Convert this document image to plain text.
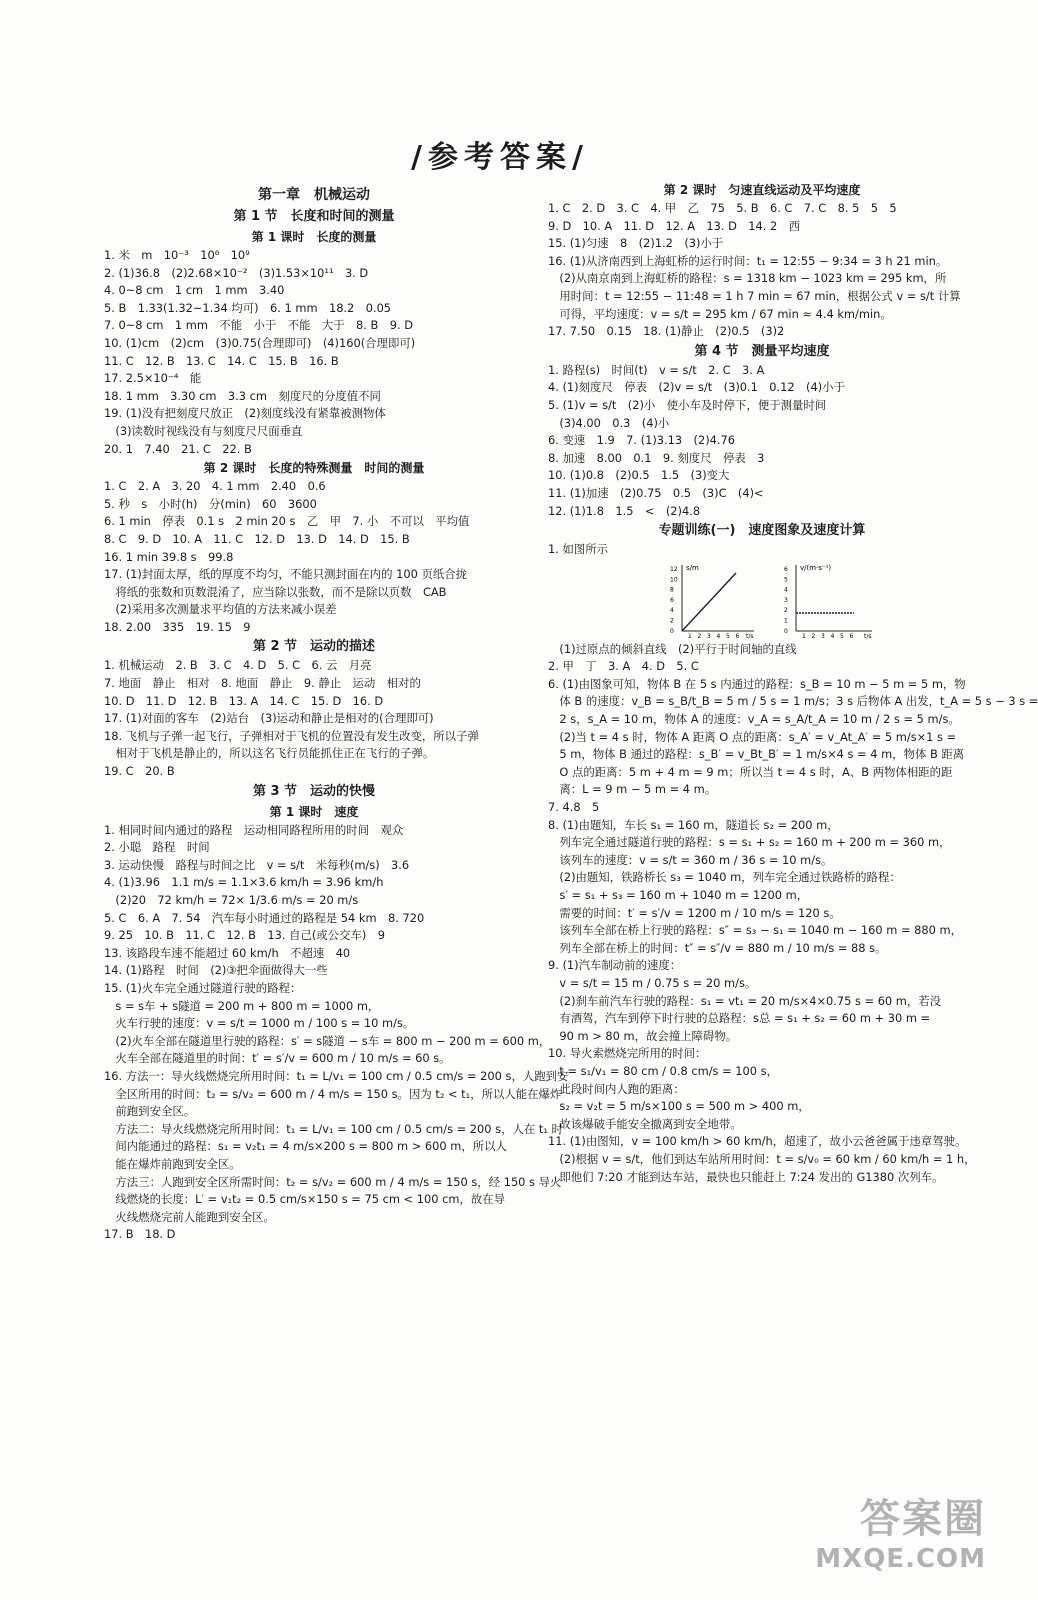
/参考答案/
第一章　机械运动
第 1 节　长度和时间的测量
第 1 课时　长度的测量
1. 米　m　10⁻³　10⁶　10⁹
2. (1)36.8　(2)2.68×10⁻²　(3)1.53×10¹¹　3. D
4. 0~8 cm　1 cm　1 mm　3.40
5. B　1.33(1.32~1.34 均可)　6. 1 mm　18.2　0.05
7. 0~8 cm　1 mm　不能　小于　不能　大于　8. B　9. D
10. (1)cm　(2)cm　(3)0.75(合理即可)　(4)160(合理即可)
11. C　12. B　13. C　14. C　15. B　16. B
17. 2.5×10⁻⁴　能
18. 1 mm　3.30 cm　3.3 cm　刻度尺的分度值不同
19. (1)没有把刻度尺放正　(2)刻度线没有紧靠被测物体
　(3)读数时视线没有与刻度尺尺面垂直
20. 1　7.40　21. C　22. B
第 2 课时　长度的特殊测量　时间的测量
1. C　2. A　3. 20　4. 1 mm　2.40　0.6
5. 秒　s　小时(h)　分(min)　60　3600
6. 1 min　停表　0.1 s　2 min 20 s　乙　甲　7. 小　不可以　平均值
8. C　9. D　10. A　11. C　12. D　13. D　14. D　15. B
16. 1 min 39.8 s　99.8
17. (1)封面太厚，纸的厚度不均匀，不能只测封面在内的 100 页纸合拢
　将纸的张数和页数混淆了，应当除以张数，而不是除以页数　CAB
　(2)采用多次测量求平均值的方法来减小误差
18. 2.00　335　19. 15　9
第 2 节　运动的描述
1. 机械运动　2. B　3. C　4. D　5. C　6. 云　月亮
7. 地面　静止　相对　8. 地面　静止　9. 静止　运动　相对的
10. D　11. D　12. B　13. A　14. C　15. D　16. D
17. (1)对面的客车　(2)站台　(3)运动和静止是相对的(合理即可)
18. 飞机与子弹一起飞行，子弹相对于飞机的位置没有发生改变，所以子弹
　相对于飞机是静止的，所以这名飞行员能抓住正在飞行的子弹。
19. C　20. B
第 3 节　运动的快慢
第 1 课时　速度
1. 相同时间内通过的路程　运动相同路程所用的时间　观众
2. 小聪　路程　时间
3. 运动快慢　路程与时间之比　v = s/t　米每秒(m/s)　3.6
4. (1)3.96　1.1 m/s = 1.1×3.6 km/h = 3.96 km/h
　(2)20　72 km/h = 72× 1/3.6 m/s = 20 m/s
5. C　6. A　7. 54　汽车每小时通过的路程是 54 km　8. 720
9. 25　10. B　11. C　12. B　13. 自己(或公交车)　9
13. 该路段车速不能超过 60 km/h　不超速　40
14. (1)路程　时间　(2)③把伞面做得大一些
15. (1)火车完全通过隧道行驶的路程：
　s = s车 + s隧道 = 200 m + 800 m = 1000 m，
　火车行驶的速度：v = s/t = 1000 m / 100 s = 10 m/s。
　(2)火车全部在隧道里行驶的路程：s′ = s隧道 − s车 = 800 m − 200 m = 600 m，
　火车全部在隧道里的时间：t′ = s′/v = 600 m / 10 m/s = 60 s。
16. 方法一：导火线燃烧完所用时间：t₁ = L/v₁ = 100 cm / 0.5 cm/s = 200 s，人跑到安
　全区所用的时间：t₂ = s/v₂ = 600 m / 4 m/s = 150 s。因为 t₂ < t₁，所以人能在爆炸
　前跑到安全区。
　方法二：导火线燃烧完所用时间：t₁ = L/v₁ = 100 cm / 0.5 cm/s = 200 s，人在 t₁ 时
　间内能通过的路程：s₁ = v₂t₁ = 4 m/s×200 s = 800 m > 600 m，所以人
　能在爆炸前跑到安全区。
　方法三：人跑到安全区所需时间：t₂ = s/v₂ = 600 m / 4 m/s = 150 s，经 150 s 导火
　线燃烧的长度：L′ = v₁t₂ = 0.5 cm/s×150 s = 75 cm < 100 cm，故在导
　火线燃烧完前人能跑到安全区。
17. B　18. D
第 2 课时　匀速直线运动及平均速度
1. C　2. D　3. C　4. 甲　乙　75　5. B　6. C　7. C　8. 5　5　5
9. D　10. A　11. D　12. A　13. D　14. 2　西
15. (1)匀速　8　(2)1.2　(3)小于
16. (1)从济南西到上海虹桥的运行时间：t₁ = 12:55 − 9:34 = 3 h 21 min。
　(2)从南京南到上海虹桥的路程：s = 1318 km − 1023 km = 295 km，所
　用时间：t = 12:55 − 11:48 = 1 h 7 min = 67 min，根据公式 v = s/t 计算
　可得，平均速度：v = s/t = 295 km / 67 min ≈ 4.4 km/min。
17. 7.50　0.15　18. (1)静止　(2)0.5　(3)2
第 4 节　测量平均速度
1. 路程(s)　时间(t)　v = s/t　2. C　3. A
4. (1)刻度尺　停表　(2)v = s/t　(3)0.1　0.12　(4)小于
5. (1)v = s/t　(2)小　使小车及时停下，便于测量时间
　(3)4.00　0.3　(4)小
6. 变速　1.9　7. (1)3.13　(2)4.76
8. 加速　8.00　0.1　9. 刻度尺　停表　3
10. (1)0.8　(2)0.5　1.5　(3)变大
11. (1)加速　(2)0.75　0.5　(3)C　(4)<
12. (1)1.8　1.5　<　(2)4.8
专题训练(一)　速度图象及速度计算
1. 如图所示
s/m
t/s
12
10
8
6
4
2
0
1 2 3 4 5 6
v/(m·s⁻¹)
t/s
6
5
4
3
2
1
0
1 2 3 4 5 6
　(1)过原点的倾斜直线　(2)平行于时间轴的直线
2. 甲　丁　3. A　4. D　5. C
6. (1)由图象可知，物体 B 在 5 s 内通过的路程：s_B = 10 m − 5 m = 5 m，物
　体 B 的速度：v_B = s_B/t_B = 5 m / 5 s = 1 m/s；3 s 后物体 A 出发，t_A = 5 s − 3 s =
　2 s，s_A = 10 m，物体 A 的速度：v_A = s_A/t_A = 10 m / 2 s = 5 m/s。
　(2)当 t = 4 s 时，物体 A 距离 O 点的距离：s_A′ = v_At_A′ = 5 m/s×1 s =
　5 m，物体 B 通过的路程：s_B′ = v_Bt_B′ = 1 m/s×4 s = 4 m，物体 B 距离
　O 点的距离：5 m + 4 m = 9 m；所以当 t = 4 s 时，A、B 两物体相距的距
　离：L = 9 m − 5 m = 4 m。
7. 4.8　5
8. (1)由题知，车长 s₁ = 160 m，隧道长 s₂ = 200 m，
　列车完全通过隧道行驶的路程：s = s₁ + s₂ = 160 m + 200 m = 360 m，
　该列车的速度：v = s/t = 360 m / 36 s = 10 m/s。
　(2)由题知，铁路桥长 s₃ = 1040 m，列车完全通过铁路桥的路程：
　s′ = s₁ + s₃ = 160 m + 1040 m = 1200 m，
　需要的时间：t′ = s′/v = 1200 m / 10 m/s = 120 s。
　该列车全部在桥上行驶的路程：s″ = s₃ − s₁ = 1040 m − 160 m = 880 m，
　列车全部在桥上的时间：t″ = s″/v = 880 m / 10 m/s = 88 s。
9. (1)汽车制动前的速度：
　v = s/t = 15 m / 0.75 s = 20 m/s。
　(2)刹车前汽车行驶的路程：s₁ = vt₁ = 20 m/s×4×0.75 s = 60 m，若没
　有酒驾，汽车到停下时行驶的总路程：s总 = s₁ + s₂ = 60 m + 30 m =
　90 m > 80 m，故会撞上障碍物。
10. 导火索燃烧完所用的时间：
　t = s₁/v₁ = 80 cm / 0.8 cm/s = 100 s，
　此段时间内人跑的距离：
　s₂ = v₂t = 5 m/s×100 s = 500 m > 400 m，
　故该爆破手能安全撤离到安全地带。
11. (1)由图知，v = 100 km/h > 60 km/h，超速了，故小云爸爸属于违章驾驶。
　(2)根据 v = s/t，他们到达车站所用时间：t = s/v₀ = 60 km / 60 km/h = 1 h，
　即他们 7:20 才能到达车站，最快也只能赶上 7:24 发出的 G1380 次列车。
答案圈
MXQE.COM
